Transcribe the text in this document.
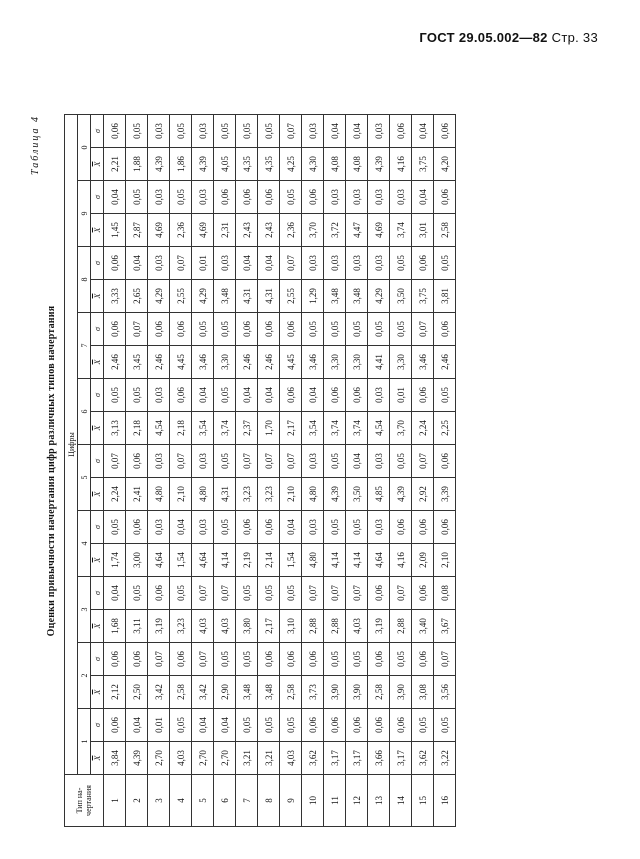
ГОСТ 29.05.002—82 Стр. 33
Таблица 4
Оценки привычности начертания цифр различных типов начертания
Тип на-чертания	Цифры																			
	1		2		3		4		5		6		7		8		9		0	
	$\overline{X}$	σ	$\overline{X}$	σ	$\overline{X}$	σ	$\overline{X}$	σ	$\overline{X}$	σ	$\overline{X}$	σ	$\overline{X}$	σ	$\overline{X}$	σ	$\overline{X}$	σ	$\overline{X}$	σ
1	3,84	0,06	2,12	0,06	1,68	0,04	1,74	0,05	2,24	0,07	3,13	0,05	2,46	0,06	3,33	0,06	1,45	0,04	2,21	0,06
2	4,39	0,04	2,50	0,06	3,11	0,05	3,00	0,06	2,41	0,06	2,18	0,05	3,45	0,07	2,65	0,04	2,87	0,05	1,88	0,05
3	2,70	0,01	3,42	0,07	3,19	0,06	4,64	0,03	4,80	0,03	4,54	0,03	2,46	0,06	4,29	0,03	4,69	0,03	4,39	0,03
4	4,03	0,05	2,58	0,06	3,23	0,05	1,54	0,04	2,10	0,07	2,18	0,06	4,45	0,06	2,55	0,07	2,36	0,05	1,86	0,05
5	2,70	0,04	3,42	0,07	4,03	0,07	4,64	0,03	4,80	0,03	3,54	0,04	3,46	0,05	4,29	0,01	4,69	0,03	4,39	0,03
6	2,70	0,04	2,90	0,05	4,03	0,07	4,14	0,05	4,31	0,05	3,74	0,05	3,30	0,05	3,48	0,03	2,31	0,06	4,05	0,05
7	3,21	0,05	3,48	0,05	3,80	0,05	2,19	0,06	3,23	0,07	2,37	0,04	2,46	0,06	4,31	0,04	2,43	0,06	4,35	0,05
8	3,21	0,05	3,48	0,06	2,17	0,05	2,14	0,06	3,23	0,07	1,70	0,04	2,46	0,06	4,31	0,04	2,43	0,06	4,35	0,05
9	4,03	0,05	2,58	0,06	3,10	0,05	1,54	0,04	2,10	0,07	2,17	0,06	4,45	0,06	2,55	0,07	2,36	0,05	4,25	0,07
10	3,62	0,06	3,73	0,06	2,88	0,07	4,80	0,03	4,80	0,03	3,54	0,04	3,46	0,05	1,29	0,03	3,70	0,06	4,30	0,03
11	3,17	0,06	3,90	0,05	2,88	0,07	4,14	0,05	4,39	0,05	3,74	0,06	3,30	0,05	3,48	0,03	3,72	0,03	4,08	0,04
12	3,17	0,06	3,90	0,05	4,03	0,07	4,14	0,05	3,50	0,04	3,74	0,06	3,30	0,05	3,48	0,03	4,47	0,03	4,08	0,04
13	3,66	0,06	2,58	0,06	3,19	0,06	4,64	0,03	4,85	0,03	4,54	0,03	4,41	0,05	4,29	0,03	4,69	0,03	4,39	0,03
14	3,17	0,06	3,90	0,05	2,88	0,07	4,16	0,06	4,39	0,05	3,70	0,01	3,30	0,05	3,50	0,05	3,74	0,03	4,16	0,06
15	3,62	0,05	3,08	0,06	3,40	0,06	2,09	0,06	2,92	0,07	2,24	0,06	3,46	0,07	3,75	0,06	3,01	0,04	3,75	0,04
16	3,22	0,05	3,56	0,07	3,67	0,08	2,10	0,06	3,39	0,06	2,25	0,05	2,46	0,06	3,81	0,05	2,58	0,06	4,20	0,06
